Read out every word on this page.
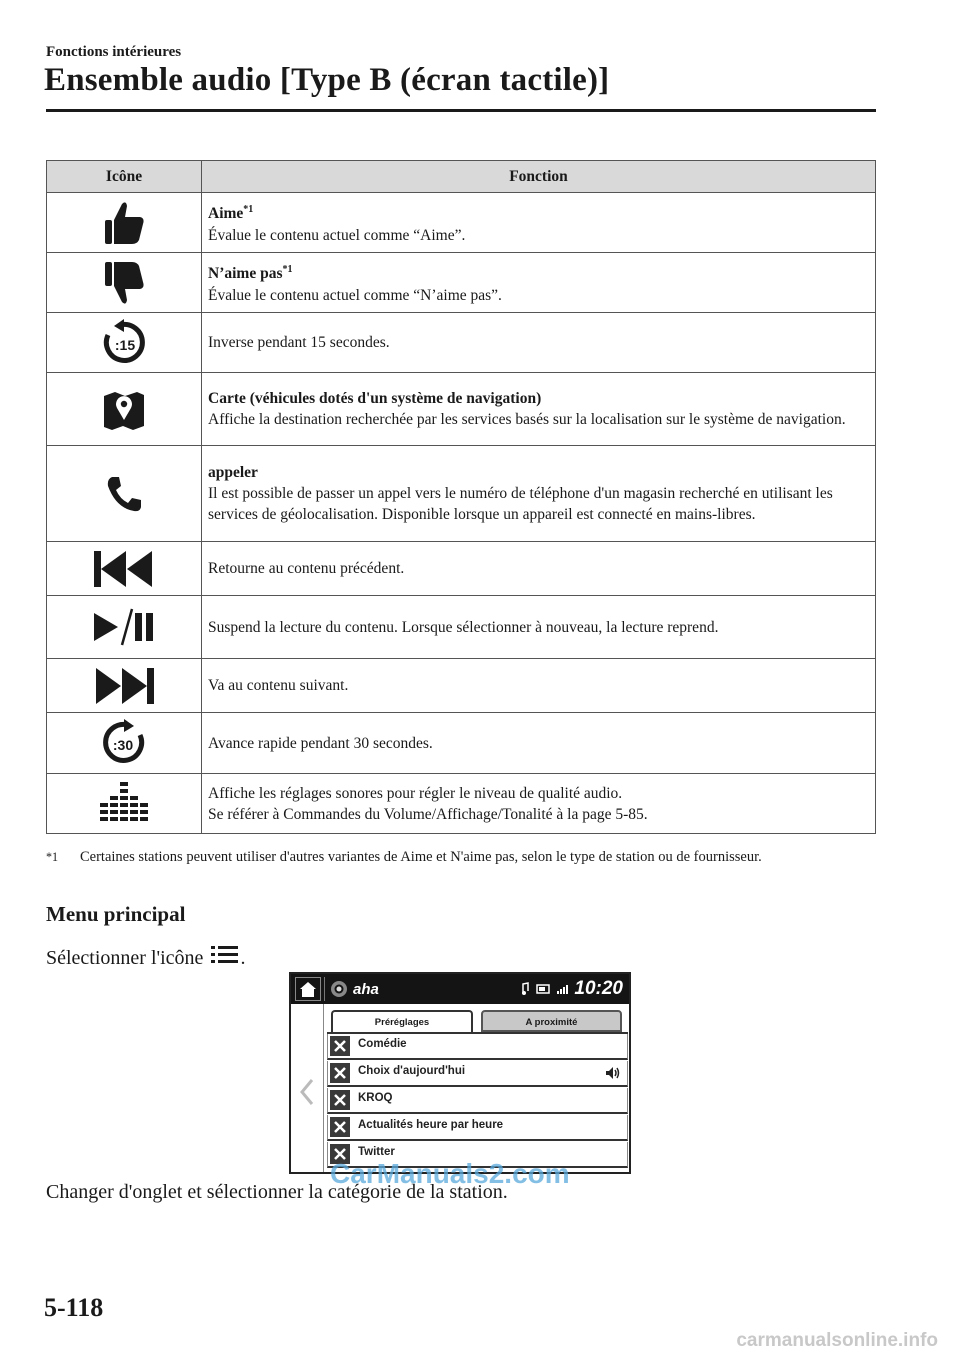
Fonctions intérieures
Ensemble audio [Type B (écran tactile)]
Icône	Fonction

	Aime$^{*1}$
Évalue le contenu actuel comme “Aime”.

	N’aime pas$^{*1}$
Évalue le contenu actuel comme “N’aime pas”.

:15	Inverse pendant 15 secondes.

	Carte (véhicules dotés d'un système de navigation)
Affiche la destination recherchée par les services basés sur la localisation sur le système de navigation.

	appeler
Il est possible de passer un appel vers le numéro de téléphone d'un magasin recherché en utilisant les services de géolocalisation. Disponible lorsque un appareil est connecté en mains-libres.

	Retourne au contenu précédent.

	Suspend la lecture du contenu. Lorsque sélectionner à nouveau, la lecture reprend.

	Va au contenu suivant.

:30	Avance rapide pendant 30 secondes.

	Affiche les réglages sonores pour régler le niveau de qualité audio.
Se référer à Commandes du Volume/Affichage/Tonalité à la page 5-85.
*1 Certaines stations peuvent utiliser d'autres variantes de Aime et N'aime pas, selon le type de station ou de fournisseur.
Menu principal
Sélectionner l'icône .
aha	10:20
Préréglages	A proximité
Comédie
Choix d'aujourd'hui
KROQ
Actualités heure par heure
Twitter
CarManuals2.com
Changer d'onglet et sélectionner la catégorie de la station.
5-118
carmanualsonline.info
